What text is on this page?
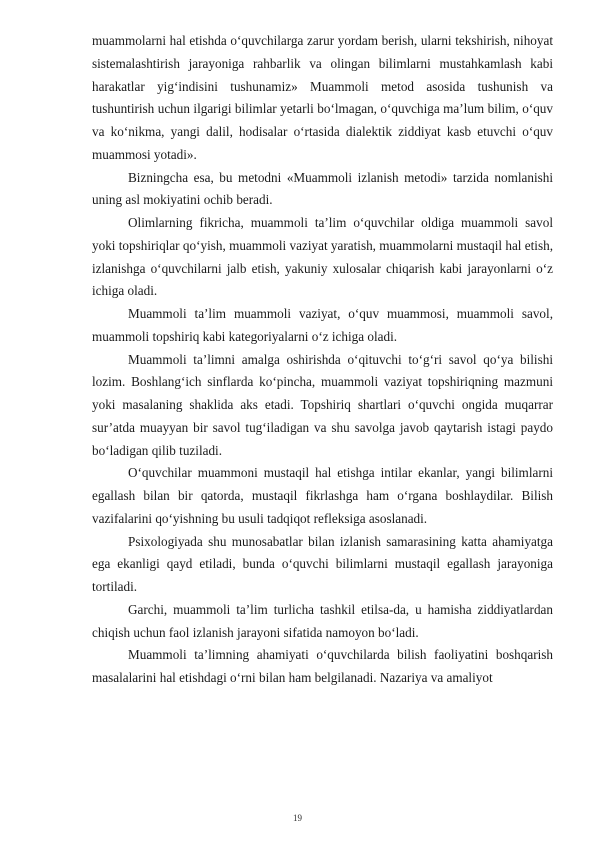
muammolarni hal etishda o‘quvchilarga zarur yordam berish, ularni tekshirish, nihoyat sistemalashtirish jarayoniga rahbarlik va olingan bilimlarni mustahkamlash kabi harakatlar yig‘indisini tushunamiz» Muammoli metod asosida tushunish va tushuntirish uchun ilgarigi bilimlar yetarli bo‘lmagan, o‘quvchiga ma’lum bilim, o‘quv va ko‘nikma, yangi dalil, hodisalar o‘rtasida dialektik ziddiyat kasb etuvchi o‘quv muammosi yotadi».

Bizningcha esa, bu metodni «Muammoli izlanish metodi» tarzida nomlanishi uning asl mokiyatini ochib beradi.

Olimlarning fikricha, muammoli ta’lim o‘quvchilar oldiga muammoli savol yoki topshiriqlar qo‘yish, muammoli vaziyat yaratish, muammolarni mustaqil hal etish, izlanishga o‘quvchilarni jalb etish, yakuniy xulosalar chiqarish kabi jarayonlarni o‘z ichiga oladi.

Muammoli ta’lim muammoli vaziyat, o‘quv muammosi, muammoli savol, muammoli topshiriq kabi kategoriyalarni o‘z ichiga oladi.

Muammoli ta’limni amalga oshirishda o‘qituvchi to‘g‘ri savol qo‘ya bilishi lozim. Boshlang‘ich sinflarda ko‘pincha, muammoli vaziyat topshiriqning mazmuni yoki masalaning shaklida aks etadi. Topshiriq shartlari o‘quvchi ongida muqarrar sur’atda muayyan bir savol tug‘iladigan va shu savolga javob qaytarish istagi paydo bo‘ladigan qilib tuziladi.

O‘quvchilar muammoni mustaqil hal etishga intilar ekanlar, yangi bilimlarni egallash bilan bir qatorda, mustaqil fikrlashga ham o‘rgana boshlaydilar. Bilish vazifalarini qo‘yishning bu usuli tadqiqot refleksiga asoslanadi.

Psixologiyada shu munosabatlar bilan izlanish samarasining katta ahamiyatga ega ekanligi qayd etiladi, bunda o‘quvchi bilimlarni mustaqil egallash jarayoniga tortiladi.

Garchi, muammoli ta’lim turlicha tashkil etilsa-da, u hamisha ziddiyatlardan chiqish uchun faol izlanish jarayoni sifatida namoyon bo‘ladi.

Muammoli ta’limning ahamiyati o‘quvchilarda bilish faoliyatini boshqarish masalalarini hal etishdagi o‘rni bilan ham belgilanadi. Nazariya va amaliyot

19
